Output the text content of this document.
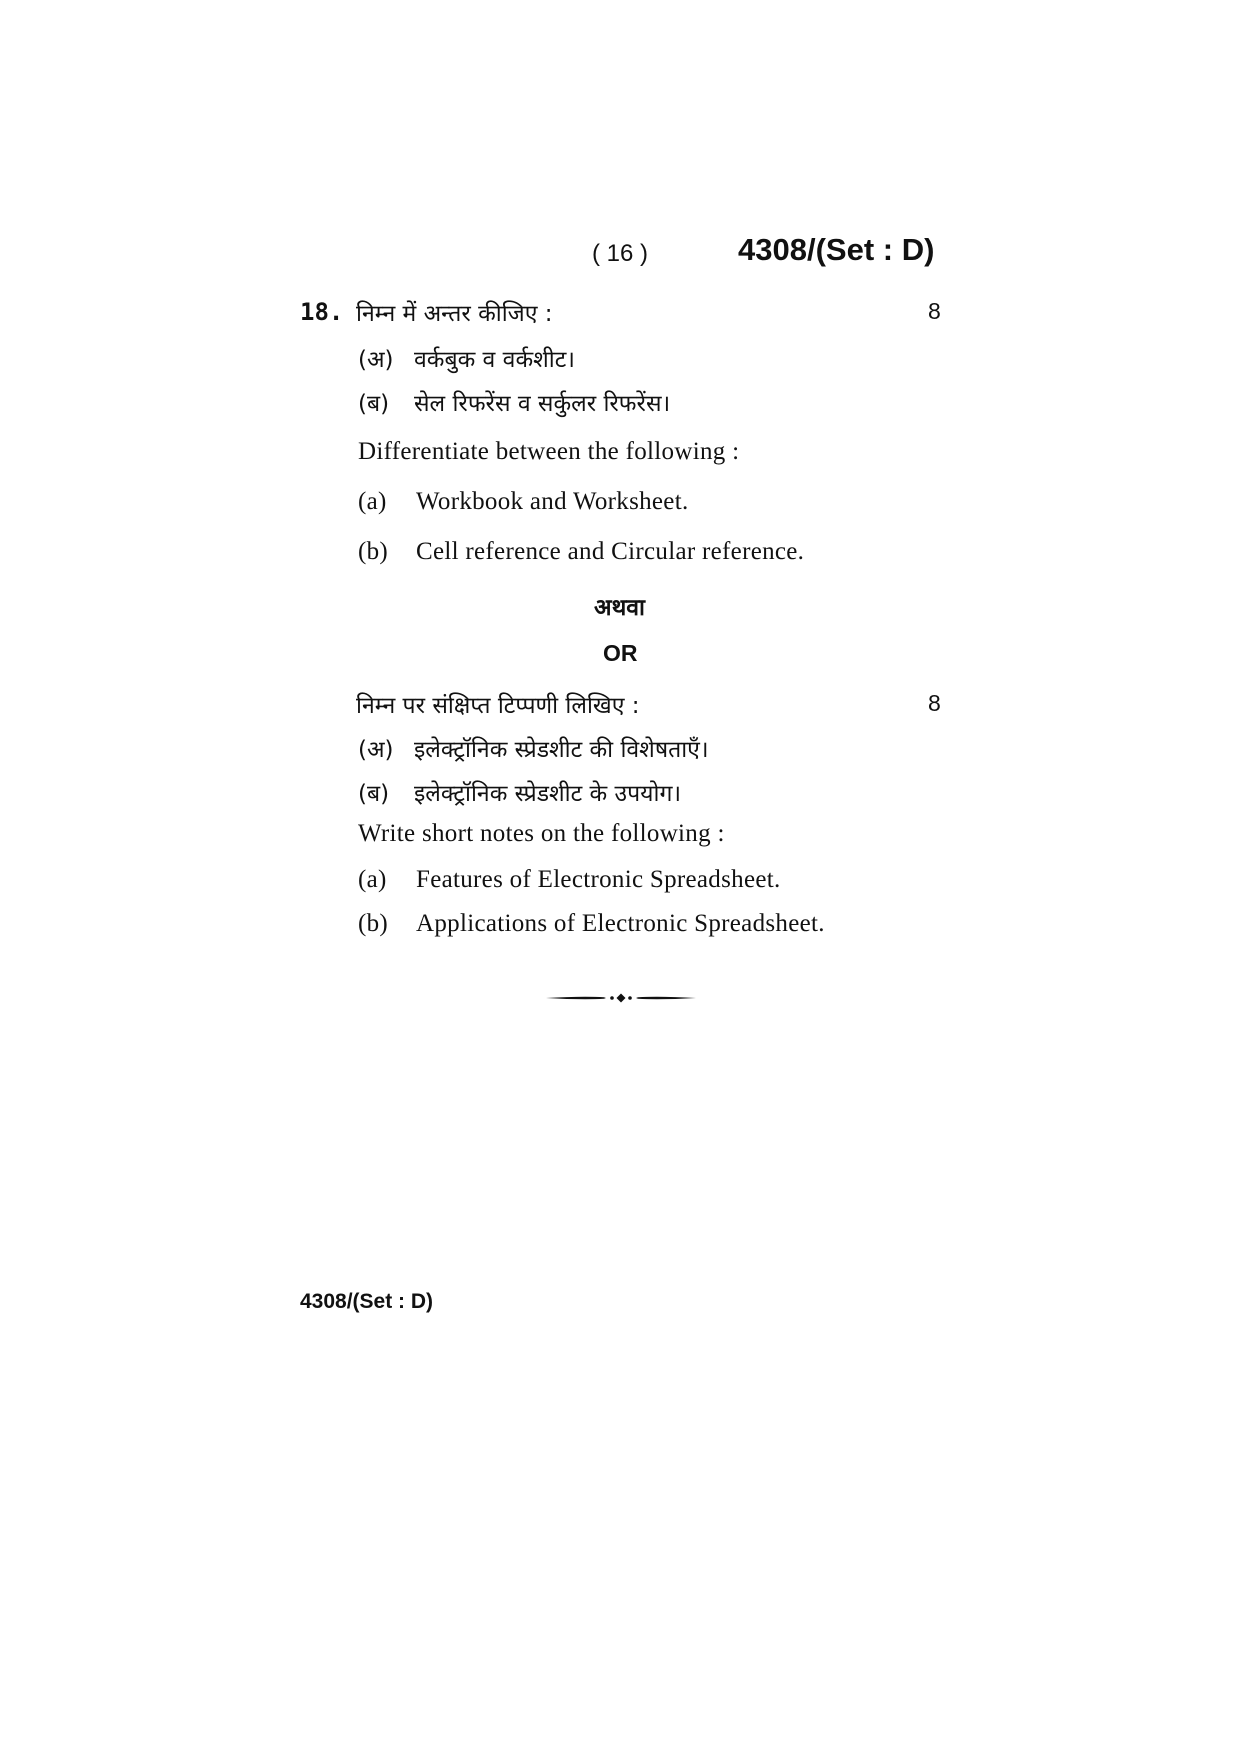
( 16 )	4308/(Set : D)
18. निम्न में अन्तर कीजिए :	8
(अ) वर्कबुक व वर्कशीट।
(ब) सेल रिफरेंस व सर्कुलर रिफरेंस।
Differentiate between the following :
(a) Workbook and Worksheet.
(b) Cell reference and Circular reference.
अथवा
OR
निम्न पर संक्षिप्त टिप्पणी लिखिए :	8
(अ) इलेक्ट्रॉनिक स्प्रेडशीट की विशेषताएँ।
(ब) इलेक्ट्रॉनिक स्प्रेडशीट के उपयोग।
Write short notes on the following :
(a) Features of Electronic Spreadsheet.
(b) Applications of Electronic Spreadsheet.
4308/(Set : D)
